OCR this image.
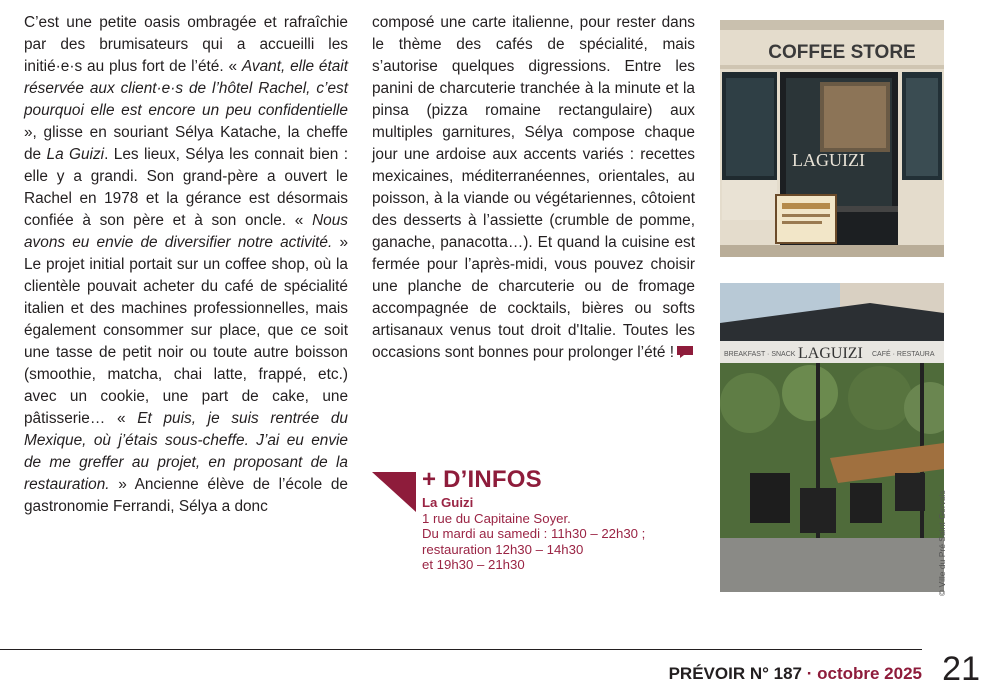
C’est une petite oasis ombragée et rafraîchie par des brumisateurs qui a accueilli les initié·e·s au plus fort de l’été. « Avant, elle était réservée aux client·e·s de l’hôtel Rachel, c’est pourquoi elle est encore un peu confidentielle », glisse en souriant Sélya Katache, la cheffe de La Guizi. Les lieux, Sélya les connait bien : elle y a grandi. Son grand-père a ouvert le Rachel en 1978 et la gérance est désormais confiée à son père et à son oncle. « Nous avons eu envie de diversifier notre activité. » Le projet initial portait sur un coffee shop, où la clientèle pouvait acheter du café de spécialité italien et des machines professionnelles, mais également consommer sur place, que ce soit une tasse de petit noir ou toute autre boisson (smoothie, matcha, chai latte, frappé, etc.) avec un cookie, une part de cake, une pâtisserie… « Et puis, je suis rentrée du Mexique, où j’étais sous-cheffe. J’ai eu envie de me greffer au projet, en proposant de la restauration. » Ancienne élève de l’école de gastronomie Ferrandi, Sélya a donc

composé une carte italienne, pour rester dans le thème des cafés de spécialité, mais s’autorise quelques digressions. Entre les panini de charcuterie tranchée à la minute et la pinsa (pizza romaine rectangulaire) aux multiples garnitures, Sélya compose chaque jour une ardoise aux accents variés : recettes mexicaines, méditerranéennes, orientales, au poisson, à la viande ou végétariennes, côtoient des desserts à l’assiette (crumble de pomme, ganache, panacotta…). Et quand la cuisine est fermée pour l’après-midi, vous pouvez choisir une planche de charcuterie ou de fromage accompagnée de cocktails, bières ou softs artisanaux venus tout droit d'Italie. Toutes les occasions sont bonnes pour prolonger l’été !

+ D’INFOS
La Guizi
1 rue du Capitaine Soyer.
Du mardi au samedi : 11h30 – 22h30 ;
restauration 12h30 – 14h30
et 19h30 – 21h30
COFFEE STORE
LAGUIZI
BREAKFAST · SNACK LAGUIZI CAFÉ · RESTAURA
© Ville du Pré Saint-Gervais
PRÉVOIR N° 187 · octobre 2025 21
